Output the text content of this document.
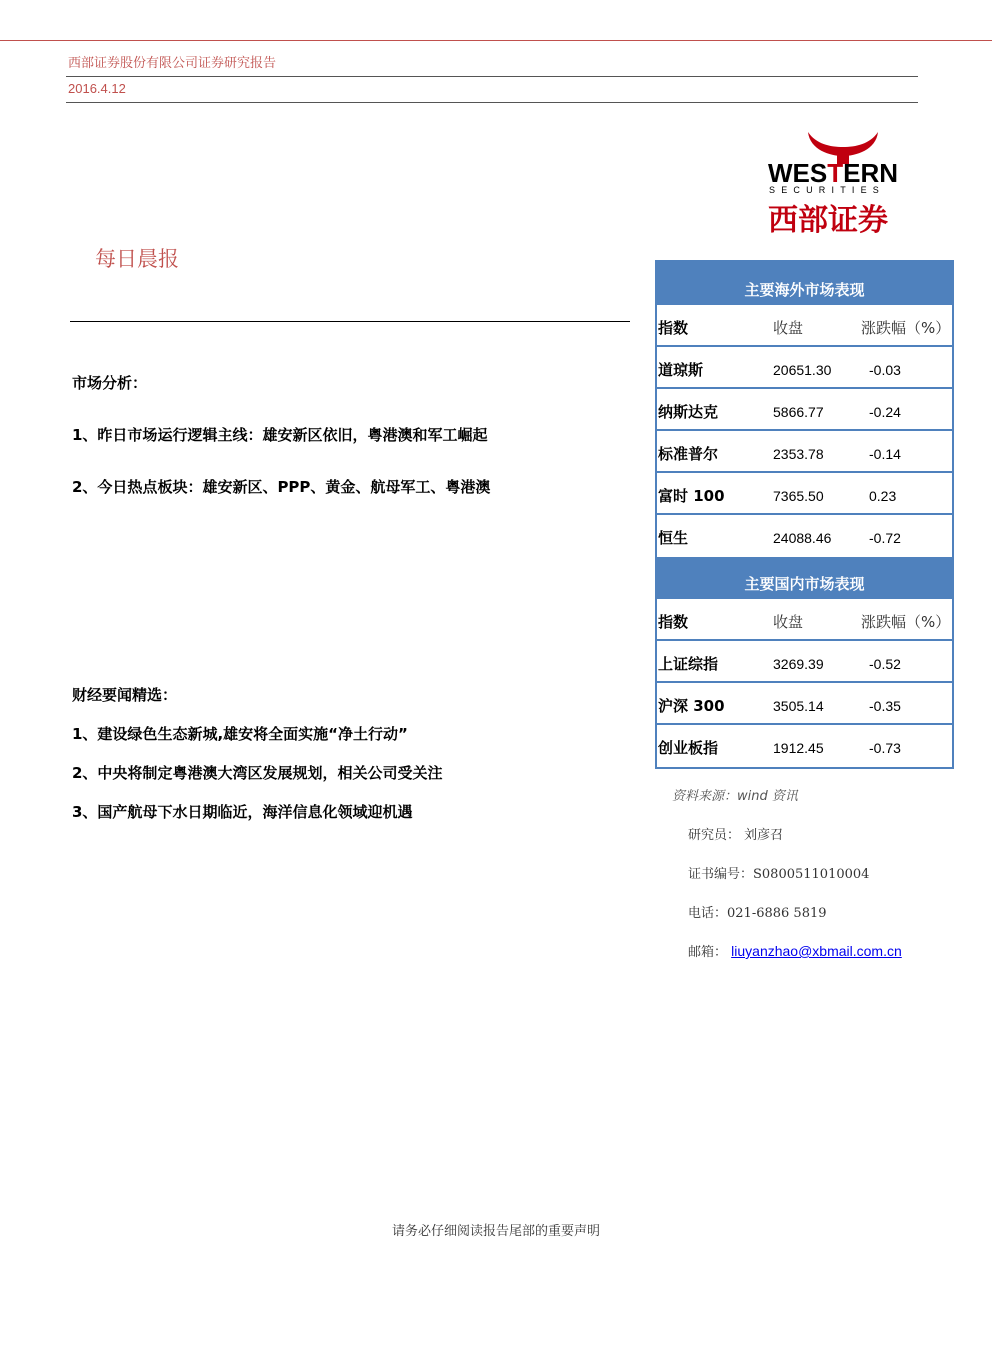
西部证券股份有限公司证券研究报告
2016.4.12
WESTERN
SECURITIES
西部证券
每日晨报
市场分析：
1、昨日市场运行逻辑主线：雄安新区依旧，粤港澳和军工崛起
2、今日热点板块：雄安新区、PPP、黄金、航母军工、粤港澳
财经要闻精选：
1、建设绿色生态新城,雄安将全面实施“净土行动”
2、中央将制定粤港澳大湾区发展规划，相关公司受关注
3、国产航母下水日期临近，海洋信息化领域迎机遇
主要海外市场表现
指数	收盘	涨跌幅（%）
道琼斯	20651.30	-0.03
纳斯达克	5866.77	-0.24
标准普尔	2353.78	-0.14
富时 100	7365.50	0.23
恒生	24088.46	-0.72
主要国内市场表现
指数	收盘	涨跌幅（%）
上证综指	3269.39	-0.52
沪深 300	3505.14	-0.35
创业板指	1912.45	-0.73
资料来源：wind 资讯
研究员： 刘彦召
证书编号：S0800511010004
电话：021-6886 5819
邮箱： liuyanzhao@xbmail.com.cn
请务必仔细阅读报告尾部的重要声明
